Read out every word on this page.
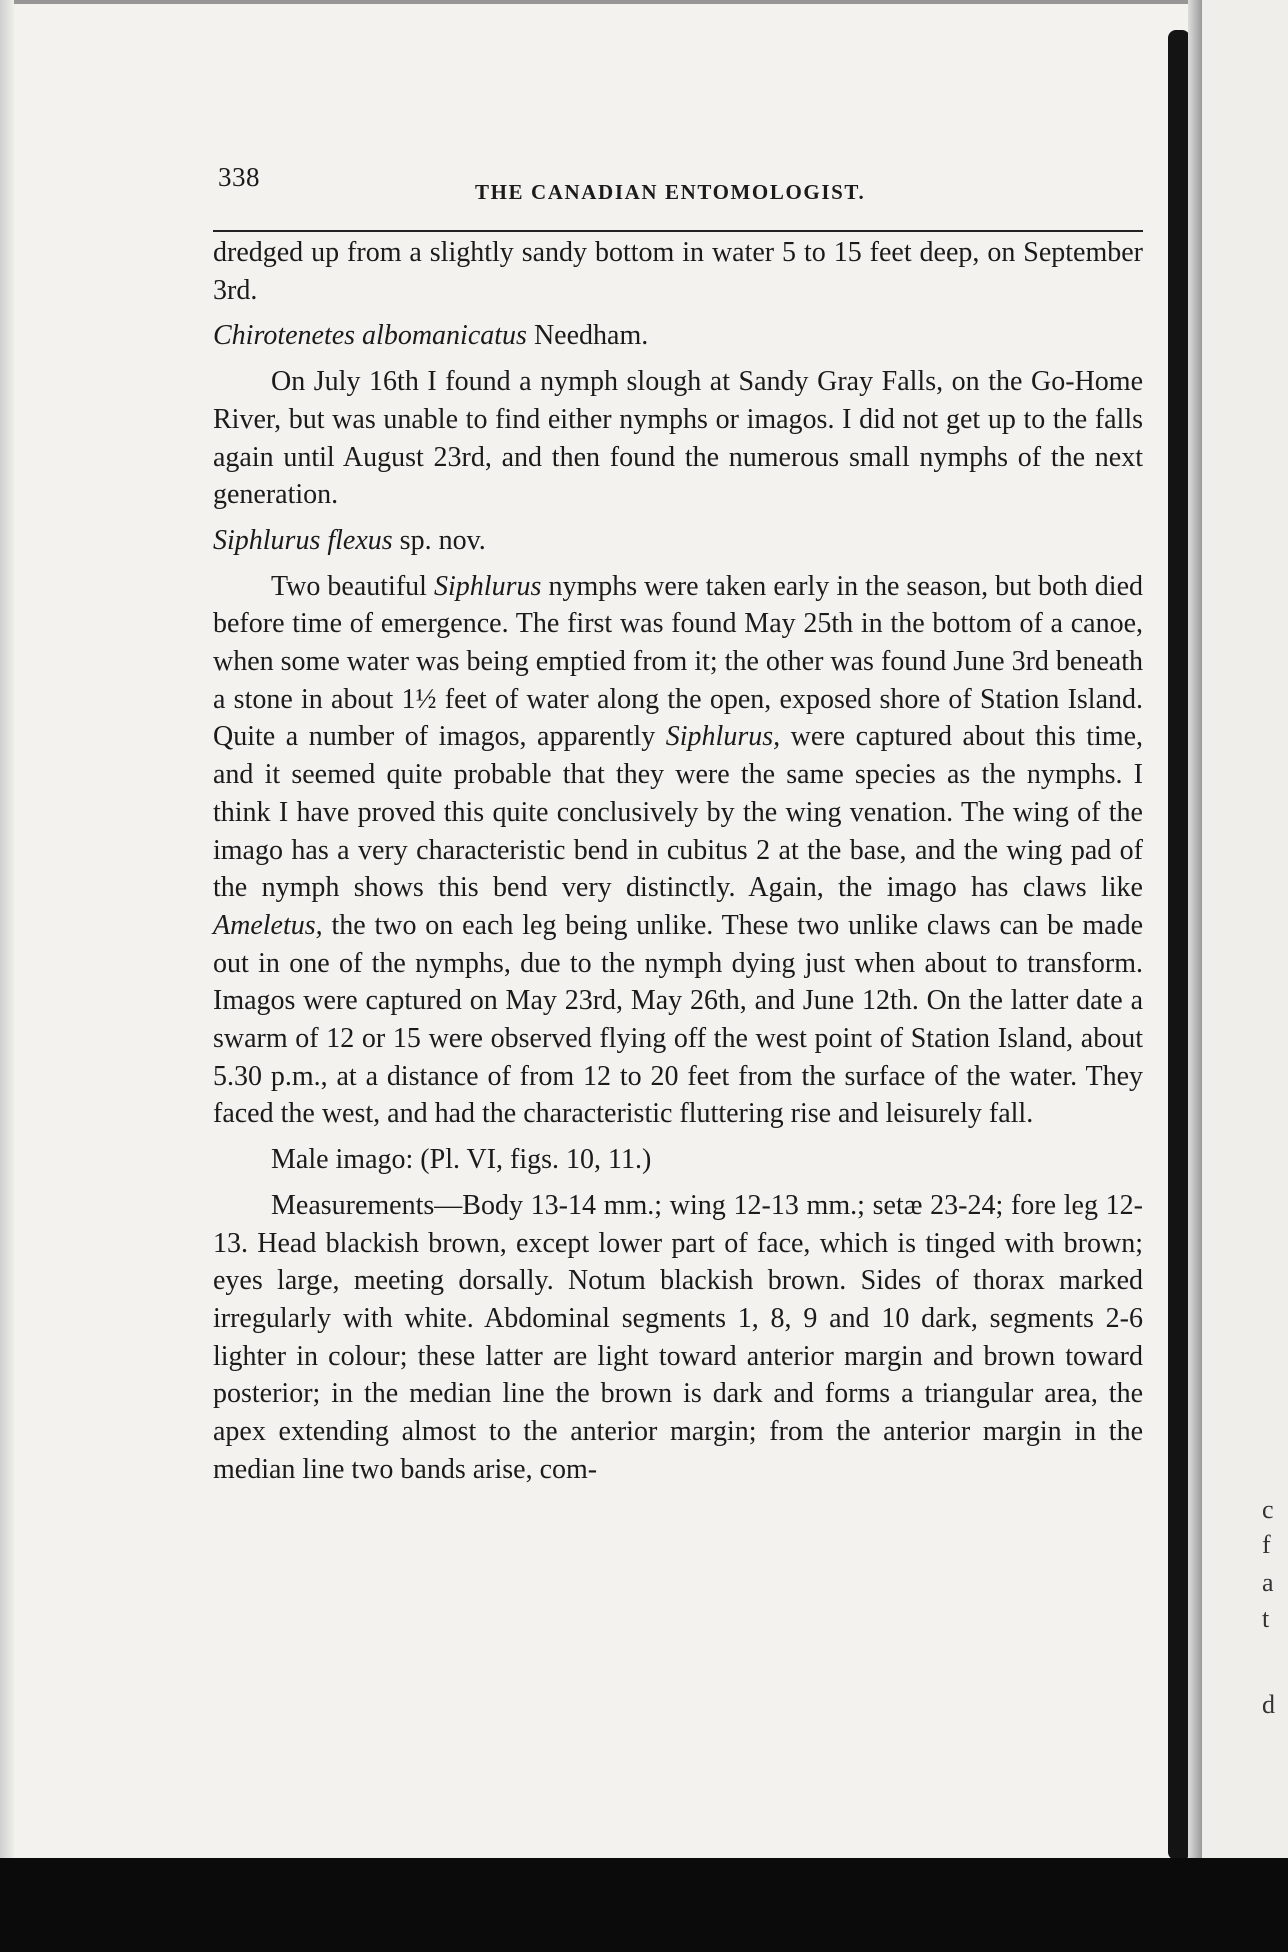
c
f
a
t
d
338	THE CANADIAN ENTOMOLOGIST.

dredged up from a slightly sandy bottom in water 5 to 15 feet deep, on September 3rd.

Chirotenetes albomanicatus Needham.

On July 16th I found a nymph slough at Sandy Gray Falls, on the Go-Home River, but was unable to find either nymphs or imagos. I did not get up to the falls again until August 23rd, and then found the numerous small nymphs of the next generation.

Siphlurus flexus sp. nov.

Two beautiful Siphlurus nymphs were taken early in the season, but both died before time of emergence. The first was found May 25th in the bottom of a canoe, when some water was being emptied from it; the other was found June 3rd beneath a stone in about 1½ feet of water along the open, exposed shore of Station Island. Quite a number of imagos, apparently Siphlurus, were captured about this time, and it seemed quite probable that they were the same species as the nymphs. I think I have proved this quite conclusively by the wing venation. The wing of the imago has a very characteristic bend in cubitus 2 at the base, and the wing pad of the nymph shows this bend very distinctly. Again, the imago has claws like Ameletus, the two on each leg being unlike. These two unlike claws can be made out in one of the nymphs, due to the nymph dying just when about to transform. Imagos were captured on May 23rd, May 26th, and June 12th. On the latter date a swarm of 12 or 15 were observed flying off the west point of Station Island, about 5.30 p.m., at a distance of from 12 to 20 feet from the surface of the water. They faced the west, and had the characteristic fluttering rise and leisurely fall.

Male imago: (Pl. VI, figs. 10, 11.)

Measurements—Body 13-14 mm.; wing 12-13 mm.; setæ 23-24; fore leg 12-13. Head blackish brown, except lower part of face, which is tinged with brown; eyes large, meeting dorsally. Notum blackish brown. Sides of thorax marked irregularly with white. Abdominal segments 1, 8, 9 and 10 dark, segments 2-6 lighter in colour; these latter are light toward anterior margin and brown toward posterior; in the median line the brown is dark and forms a triangular area, the apex extending almost to the anterior margin; from the anterior margin in the median line two bands arise, com-
